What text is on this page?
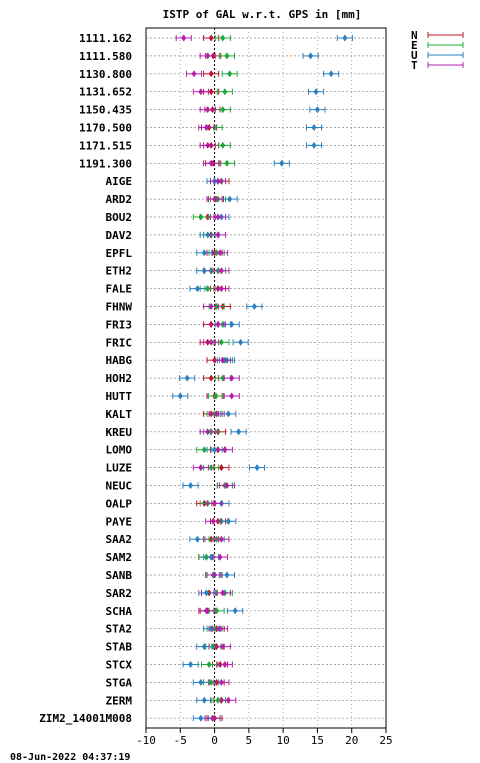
ISTP of GAL w.r.t. GPS in [mm]
1111.162
1111.580
1130.800
1131.652
1150.435
1170.500
1171.515
1191.300
AIGE
ARD2
BOU2
DAV2
EPFL
ETH2
FALE
FHNW
FRI3
FRIC
HABG
HOH2
HUTT
KALT
KREU
LOMO
LUZE
NEUC
OALP
PAYE
SAA2
SAM2
SANB
SAR2
SCHA
STA2
STAB
STCX
STGA
ZERM
ZIM2_14001M008
-10 -5 0	5 10 15 20 25
N
E
U
T
08-Jun-2022 04:37:19
